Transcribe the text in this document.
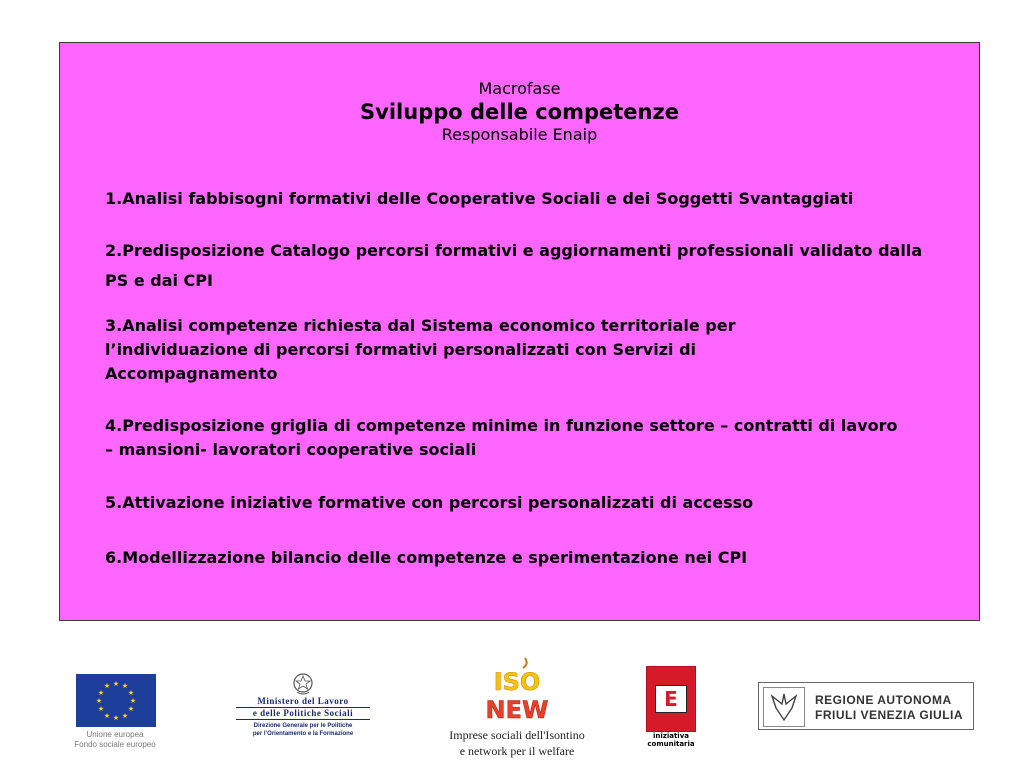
Macrofase
Sviluppo delle competenze
Responsabile Enaip

1.Analisi fabbisogni formativi delle Cooperative Sociali e dei Soggetti Svantaggiati

2.Predisposizione Catalogo percorsi formativi e aggiornamenti professionali validato dalla PS e dai CPI

3.Analisi competenze richiesta dal Sistema economico territoriale per l’individuazione di percorsi formativi personalizzati con Servizi di Accompagnamento

4.Predisposizione griglia di competenze minime in funzione settore – contratti di lavoro – mansioni- lavoratori cooperative sociali

5.Attivazione iniziative formative con percorsi personalizzati di accesso

6.Modellizzazione bilancio delle competenze e sperimentazione nei CPI

★ ★
★
★
★
★
★
★
★
★
★
★
Unione europea
Fondo sociale europeo
Ministero del Lavoro
e delle Politiche Sociali
Direzione Generale per le Politiche
per l’Orientamento e la Formazione
ISO
NEW
Imprese sociali dell'Isontino
e network per il welfare
E
iniziativa
comunitaria
REGIONE AUTONOMA
FRIULI VENEZIA GIULIA
